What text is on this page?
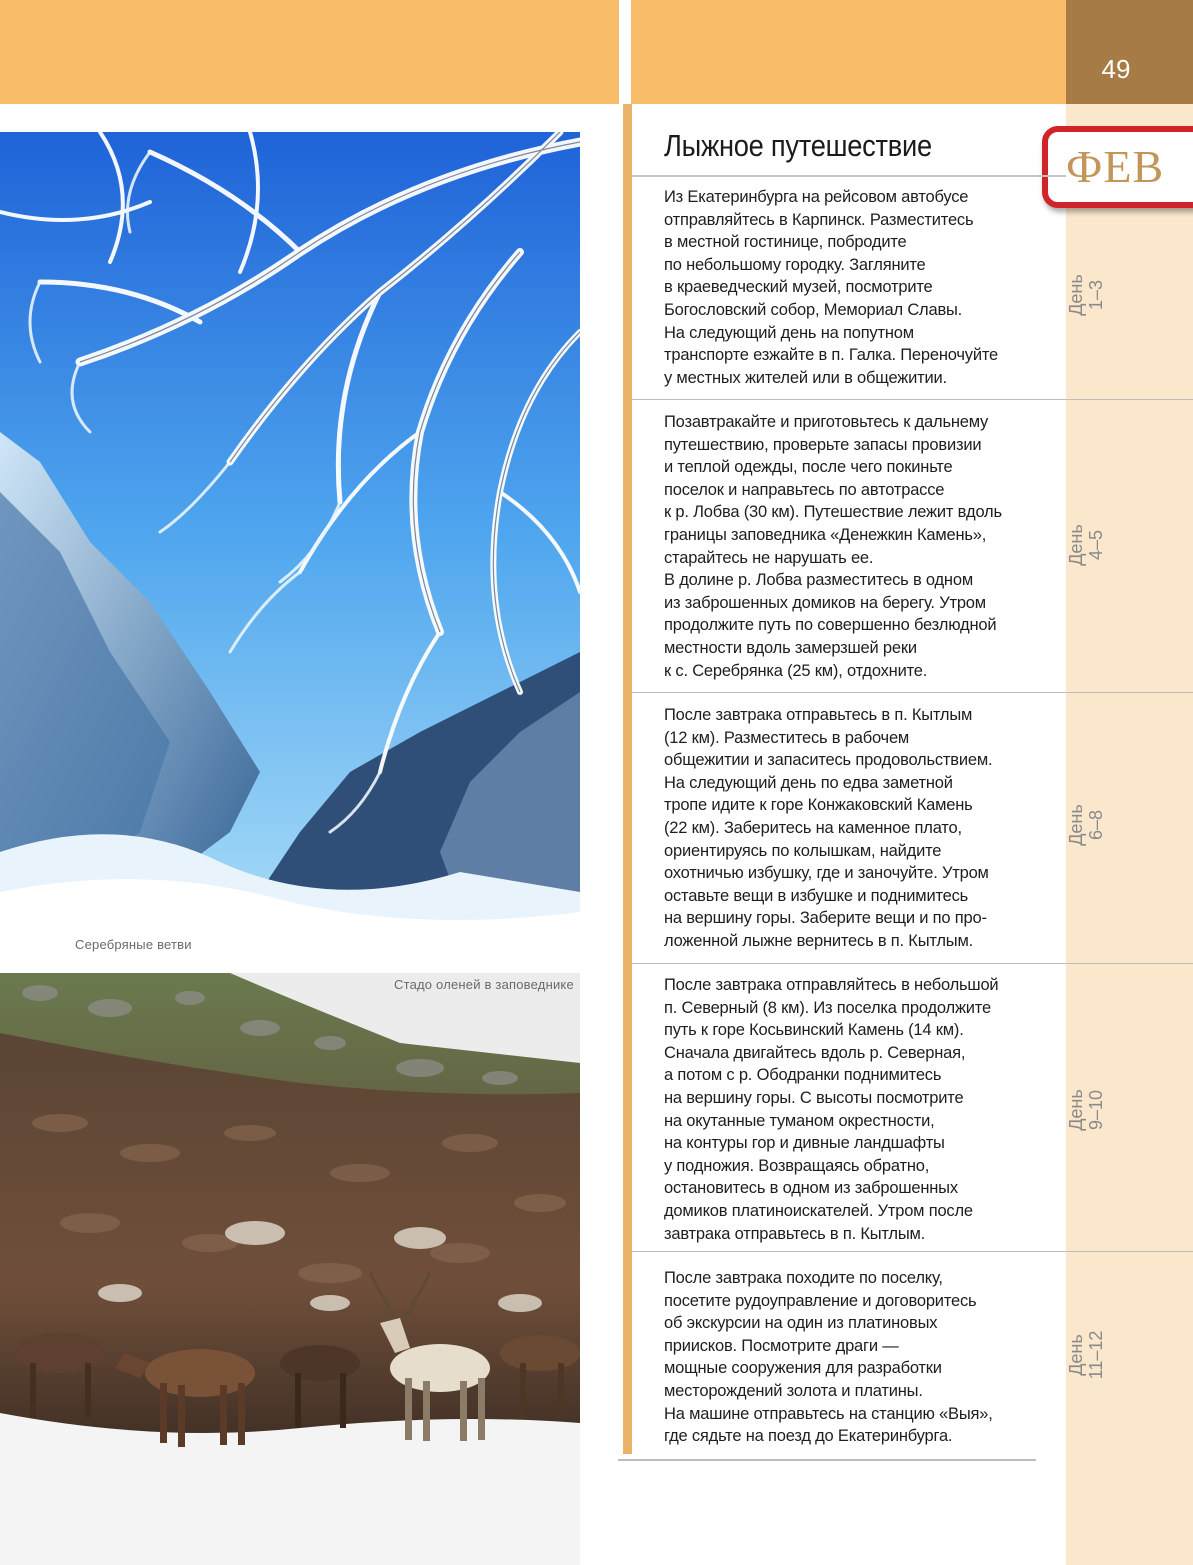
49
ФЕВ
Лыжное путешествие

Из Екатеринбурга на рейсовом автобусе
отправляйтесь в Карпинск. Разместитесь
в местной гостинице, побродите
по небольшому городку. Загляните
в краеведческий музей, посмотрите
Богословский собор, Мемориал Славы.
На следующий день на попутном
транспорте езжайте в п. Галка. Переночуйте
у местных жителей или в общежитии.

День
1–3

Позавтракайте и приготовьтесь к дальнему
путешествию, проверьте запасы провизии
и теплой одежды, после чего покиньте
поселок и направьтесь по автотрассе
к р. Лобва (30 км). Путешествие лежит вдоль
границы заповедника «Денежкин Камень»,
старайтесь не нарушать ее.
В долине р. Лобва разместитесь в одном
из заброшенных домиков на берегу. Утром
продолжите путь по совершенно безлюдной
местности вдоль замерзшей реки
к с. Серебрянка (25 км), отдохните.

День
4–5

После завтрака отправьтесь в п. Кытлым
(12 км). Разместитесь в рабочем
общежитии и запаситесь продовольствием.
На следующий день по едва заметной
тропе идите к горе Конжаковский Камень
(22 км). Заберитесь на каменное плато,
ориентируясь по колышкам, найдите
охотничью избушку, где и заночуйте. Утром
оставьте вещи в избушке и поднимитесь
на вершину горы. Заберите вещи и по про-
ложенной лыжне вернитесь в п. Кытлым.

День
6–8

После завтрака отправляйтесь в небольшой
п. Северный (8 км). Из поселка продолжите
путь к горе Косьвинский Камень (14 км).
Сначала двигайтесь вдоль р. Северная,
а потом с р. Ободранки поднимитесь
на вершину горы. С высоты посмотрите
на окутанные туманом окрестности,
на контуры гор и дивные ландшафты
у подножия. Возвращаясь обратно,
остановитесь в одном из заброшенных
домиков платиноискателей. Утром после
завтрака отправьтесь в п. Кытлым.

День
9–10

После завтрака походите по поселку,
посетите рудоуправление и договоритесь
об экскурсии на один из платиновых
приисков. Посмотрите драги —
мощные сооружения для разработки
месторождений золота и платины.
На машине отправьтесь на станцию «Выя»,
где сядьте на поезд до Екатеринбурга.

День
11–12
Серебряные ветви
Стадо оленей в заповеднике
